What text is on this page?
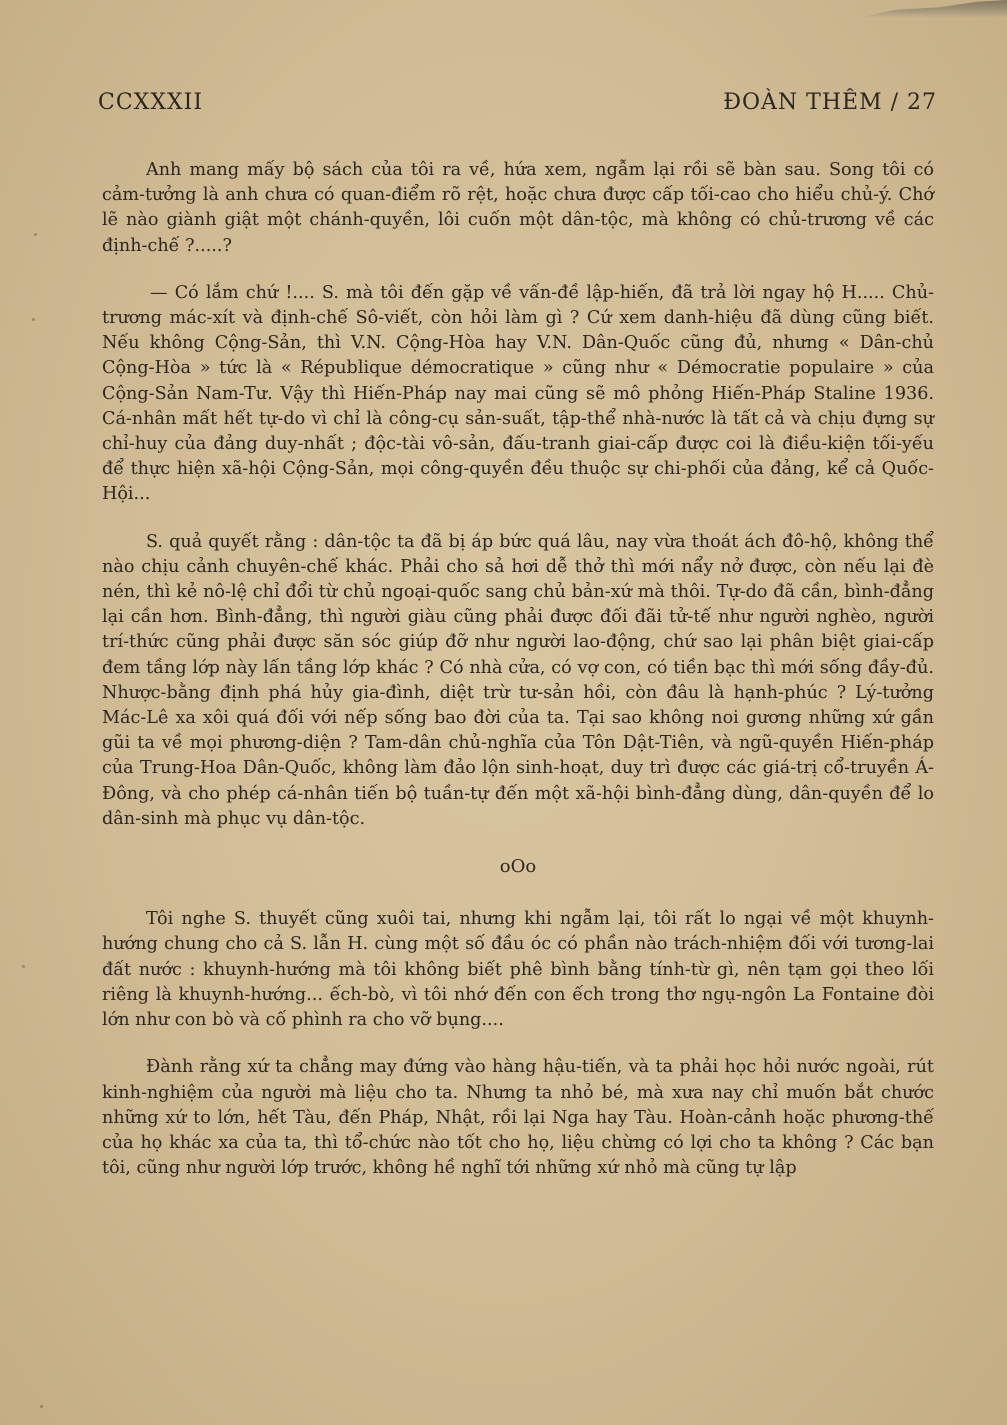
CCXXXII	ĐOÀN THÊM / 27

Anh mang mấy bộ sách của tôi ra về, hứa xem, ngẫm lại rồi sẽ bàn sau. Song tôi có cảm-tưởng là anh chưa có quan-điểm rõ rệt, hoặc chưa được cấp tối-cao cho hiểu chủ-ý. Chớ lẽ nào giành giật một chánh-quyền, lôi cuốn một dân-tộc, mà không có chủ-trương về các định-chế ?.....?

— Có lắm chứ !.... S. mà tôi đến gặp về vấn-đề lập-hiến, đã trả lời ngay hộ H..... Chủ-trương mác-xít và định-chế Sô-viết, còn hỏi làm gì ? Cứ xem danh-hiệu đã dùng cũng biết. Nếu không Cộng-Sản, thì V.N. Cộng-Hòa hay V.N. Dân-Quốc cũng đủ, nhưng « Dân-chủ Cộng-Hòa » tức là « République démocratique » cũng như « Démocratie populaire » của Cộng-Sản Nam-Tư. Vậy thì Hiến-Pháp nay mai cũng sẽ mô phỏng Hiến-Pháp Staline 1936. Cá-nhân mất hết tự-do vì chỉ là công-cụ sản-suất, tập-thể nhà-nước là tất cả và chịu đựng sự chỉ-huy của đảng duy-nhất ; độc-tài vô-sản, đấu-tranh giai-cấp được coi là điều-kiện tối-yếu để thực hiện xã-hội Cộng-Sản, mọi công-quyền đều thuộc sự chi-phối của đảng, kể cả Quốc-Hội...

S. quả quyết rằng : dân-tộc ta đã bị áp bức quá lâu, nay vừa thoát ách đô-hộ, không thể nào chịu cảnh chuyên-chế khác. Phải cho sả hơi dễ thở thì mới nẩy nở được, còn nếu lại đè nén, thì kẻ nô-lệ chỉ đổi từ chủ ngoại-quốc sang chủ bản-xứ mà thôi. Tự-do đã cần, bình-đẳng lại cần hơn. Bình-đẳng, thì người giàu cũng phải được đối đãi tử-tế như người nghèo, người trí-thức cũng phải được săn sóc giúp đỡ như người lao-động, chứ sao lại phân biệt giai-cấp đem tầng lớp này lấn tầng lớp khác ? Có nhà cửa, có vợ con, có tiền bạc thì mới sống đầy-đủ. Nhược-bằng định phá hủy gia-đình, diệt trừ tư-sản hồi, còn đâu là hạnh-phúc ? Lý-tưởng Mác-Lê xa xôi quá đối với nếp sống bao đời của ta. Tại sao không noi gương những xứ gần gũi ta về mọi phương-diện ? Tam-dân chủ-nghĩa của Tôn Dật-Tiên, và ngũ-quyền Hiến-pháp của Trung-Hoa Dân-Quốc, không làm đảo lộn sinh-hoạt, duy trì được các giá-trị cổ-truyền Á-Đông, và cho phép cá-nhân tiến bộ tuần-tự đến một xã-hội bình-đẳng dùng, dân-quyền để lo dân-sinh mà phục vụ dân-tộc.

oOo

Tôi nghe S. thuyết cũng xuôi tai, nhưng khi ngẫm lại, tôi rất lo ngại về một khuynh-hướng chung cho cả S. lẫn H. cùng một số đầu óc có phần nào trách-nhiệm đối với tương-lai đất nước : khuynh-hướng mà tôi không biết phê bình bằng tính-từ gì, nên tạm gọi theo lối riêng là khuynh-hướng... ếch-bò, vì tôi nhớ đến con ếch trong thơ ngụ-ngôn La Fontaine đòi lớn như con bò và cố phình ra cho vỡ bụng....

Đành rằng xứ ta chẳng may đứng vào hàng hậu-tiến, và ta phải học hỏi nước ngoài, rút kinh-nghiệm của người mà liệu cho ta. Nhưng ta nhỏ bé, mà xưa nay chỉ muốn bắt chước những xứ to lớn, hết Tàu, đến Pháp, Nhật, rồi lại Nga hay Tàu. Hoàn-cảnh hoặc phương-thế của họ khác xa của ta, thì tổ-chức nào tốt cho họ, liệu chừng có lợi cho ta không ? Các bạn tôi, cũng như người lớp trước, không hề nghĩ tới những xứ nhỏ mà cũng tự lập
